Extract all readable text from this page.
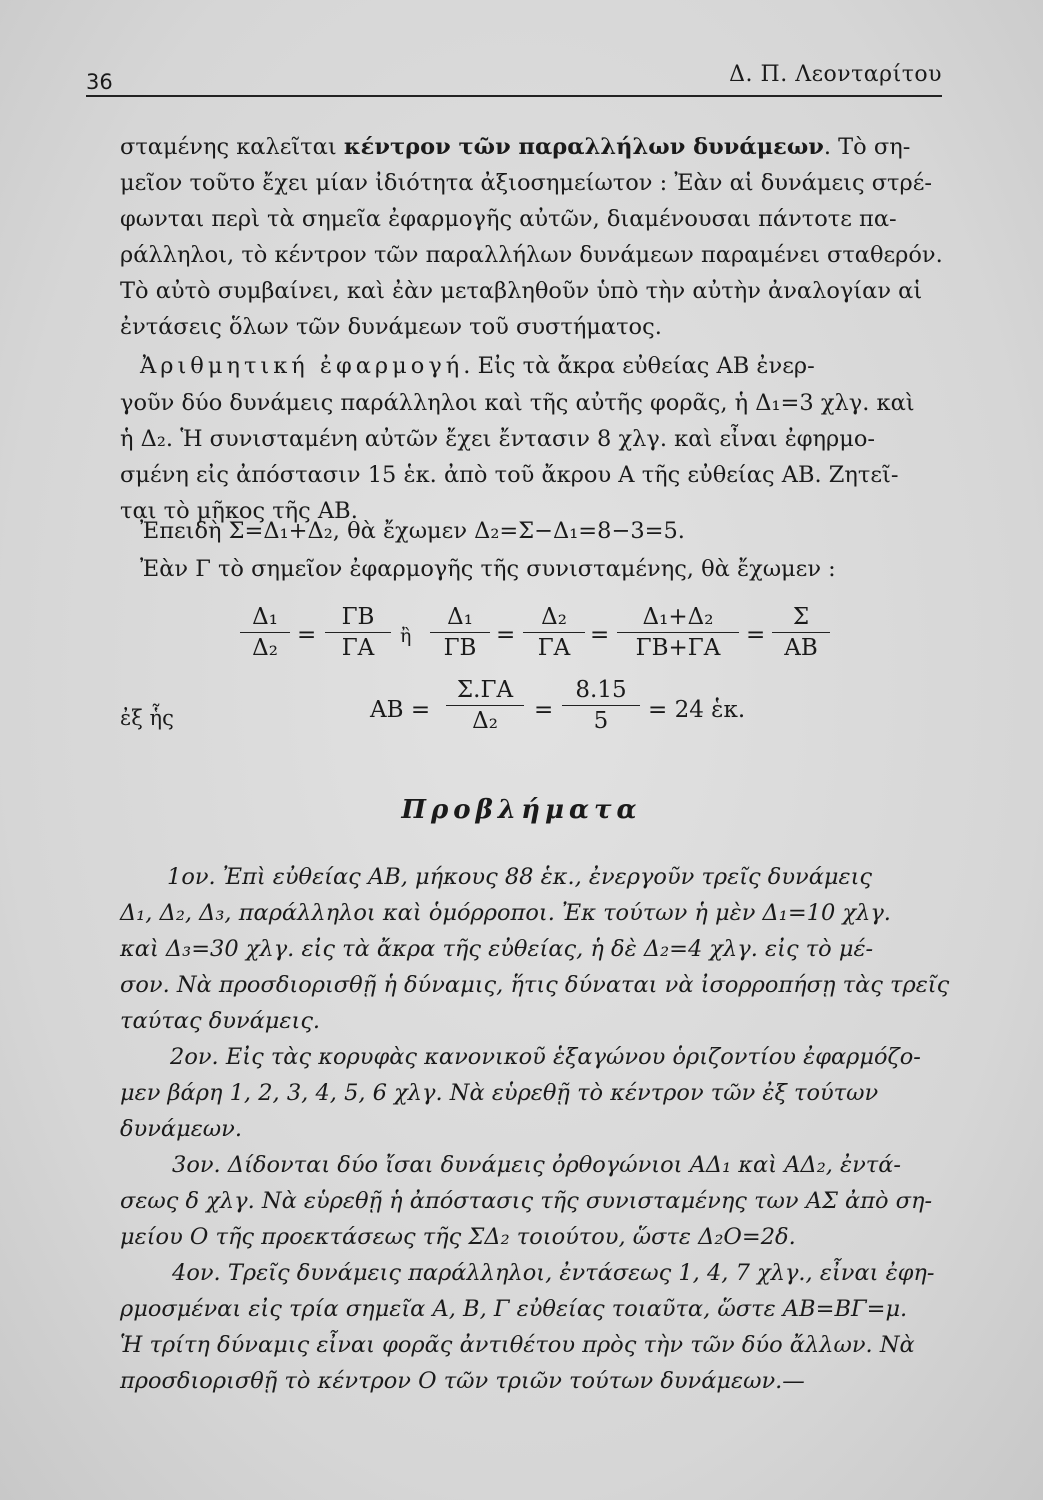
36	Δ. Π. Λεονταρίτου
σταμένης καλεῖται κέντρον τῶν παραλλήλων δυνάμεων. Τὸ ση-
μεῖον τοῦτο ἔχει μίαν ἰδιότητα ἀξιοσημείωτον : Ἐὰν αἱ δυνάμεις στρέ-
φωνται περὶ τὰ σημεῖα ἐφαρμογῆς αὐτῶν, διαμένουσαι πάντοτε πα-
ράλληλοι, τὸ κέντρον τῶν παραλλήλων δυνάμεων παραμένει σταθερόν.
Τὸ αὐτὸ συμβαίνει, καὶ ἐὰν μεταβληθοῦν ὑπὸ τὴν αὐτὴν ἀναλογίαν αἱ
ἐντάσεις ὅλων τῶν δυνάμεων τοῦ συστήματος.
Ἀριθμητική ἐφαρμογή. Εἰς τὰ ἄκρα εὐθείας ΑΒ ἐνερ-
γοῦν δύο δυνάμεις παράλληλοι καὶ τῆς αὐτῆς φορᾶς, ἡ Δ₁=3 χλγ. καὶ
ἡ Δ₂. Ἡ συνισταμένη αὐτῶν ἔχει ἔντασιν 8 χλγ. καὶ εἶναι ἐφηρμο-
σμένη εἰς ἀπόστασιν 15 ἑκ. ἀπὸ τοῦ ἄκρου Α τῆς εὐθείας ΑΒ. Ζητεῖ-
ται τὸ μῆκος τῆς ΑΒ.
Ἐπειδὴ Σ=Δ₁+Δ₂, θὰ ἔχωμεν Δ₂=Σ−Δ₁=8−3=5.
Ἐὰν Γ τὸ σημεῖον ἐφαρμογῆς τῆς συνισταμένης, θὰ ἔχωμεν :
$\frac{\text{Δ₁}}{\text{Δ₂}} = \frac{\Gamma B}{\Gamma A}$ ἢ $\frac{\text{Δ₁}}{\Gamma B} = \frac{\text{Δ₂}}{\Gamma A} = \frac{\text{Δ₁+Δ₂}}{\Gamma B+\Gamma A} = \frac{\Sigma}{AB}$
ἐξ ἧς	$AB = \frac{\Sigma.\Gamma A}{\text{Δ₂}} = \frac{8.15}{5} = 24$ ἑκ.
Προβλήματα
1ον. Ἐπὶ εὐθείας ΑΒ, μήκους 88 ἑκ., ἐνεργοῦν τρεῖς δυνάμεις
Δ₁, Δ₂, Δ₃, παράλληλοι καὶ ὁμόρροποι. Ἐκ τούτων ἡ μὲν Δ₁=10 χλγ.
καὶ Δ₃=30 χλγ. εἰς τὰ ἄκρα τῆς εὐθείας, ἡ δὲ Δ₂=4 χλγ. εἰς τὸ μέ-
σον. Νὰ προσδιορισθῇ ἡ δύναμις, ἥτις δύναται νὰ ἰσορροπήσῃ τὰς τρεῖς
ταύτας δυνάμεις.
2ον. Εἰς τὰς κορυφὰς κανονικοῦ ἑξαγώνου ὁριζοντίου ἐφαρμόζο-
μεν βάρη 1, 2, 3, 4, 5, 6 χλγ. Νὰ εὑρεθῇ τὸ κέντρον τῶν ἐξ τούτων
δυνάμεων.
3ον. Δίδονται δύο ἴσαι δυνάμεις ὀρθογώνιοι ΑΔ₁ καὶ ΑΔ₂, ἐντά-
σεως δ χλγ. Νὰ εὑρεθῇ ἡ ἀπόστασις τῆς συνισταμένης των ΑΣ ἀπὸ ση-
μείου Ο τῆς προεκτάσεως τῆς ΣΔ₂ τοιούτου, ὥστε Δ₂Ο=2δ.
4ον. Τρεῖς δυνάμεις παράλληλοι, ἐντάσεως 1, 4, 7 χλγ., εἶναι ἐφη-
ρμοσμέναι εἰς τρία σημεῖα Α, Β, Γ εὐθείας τοιαῦτα, ὥστε ΑΒ=ΒΓ=μ.
Ἡ τρίτη δύναμις εἶναι φορᾶς ἀντιθέτου πρὸς τὴν τῶν δύο ἄλλων. Νὰ
προσδιορισθῇ τὸ κέντρον Ο τῶν τριῶν τούτων δυνάμεων.—
